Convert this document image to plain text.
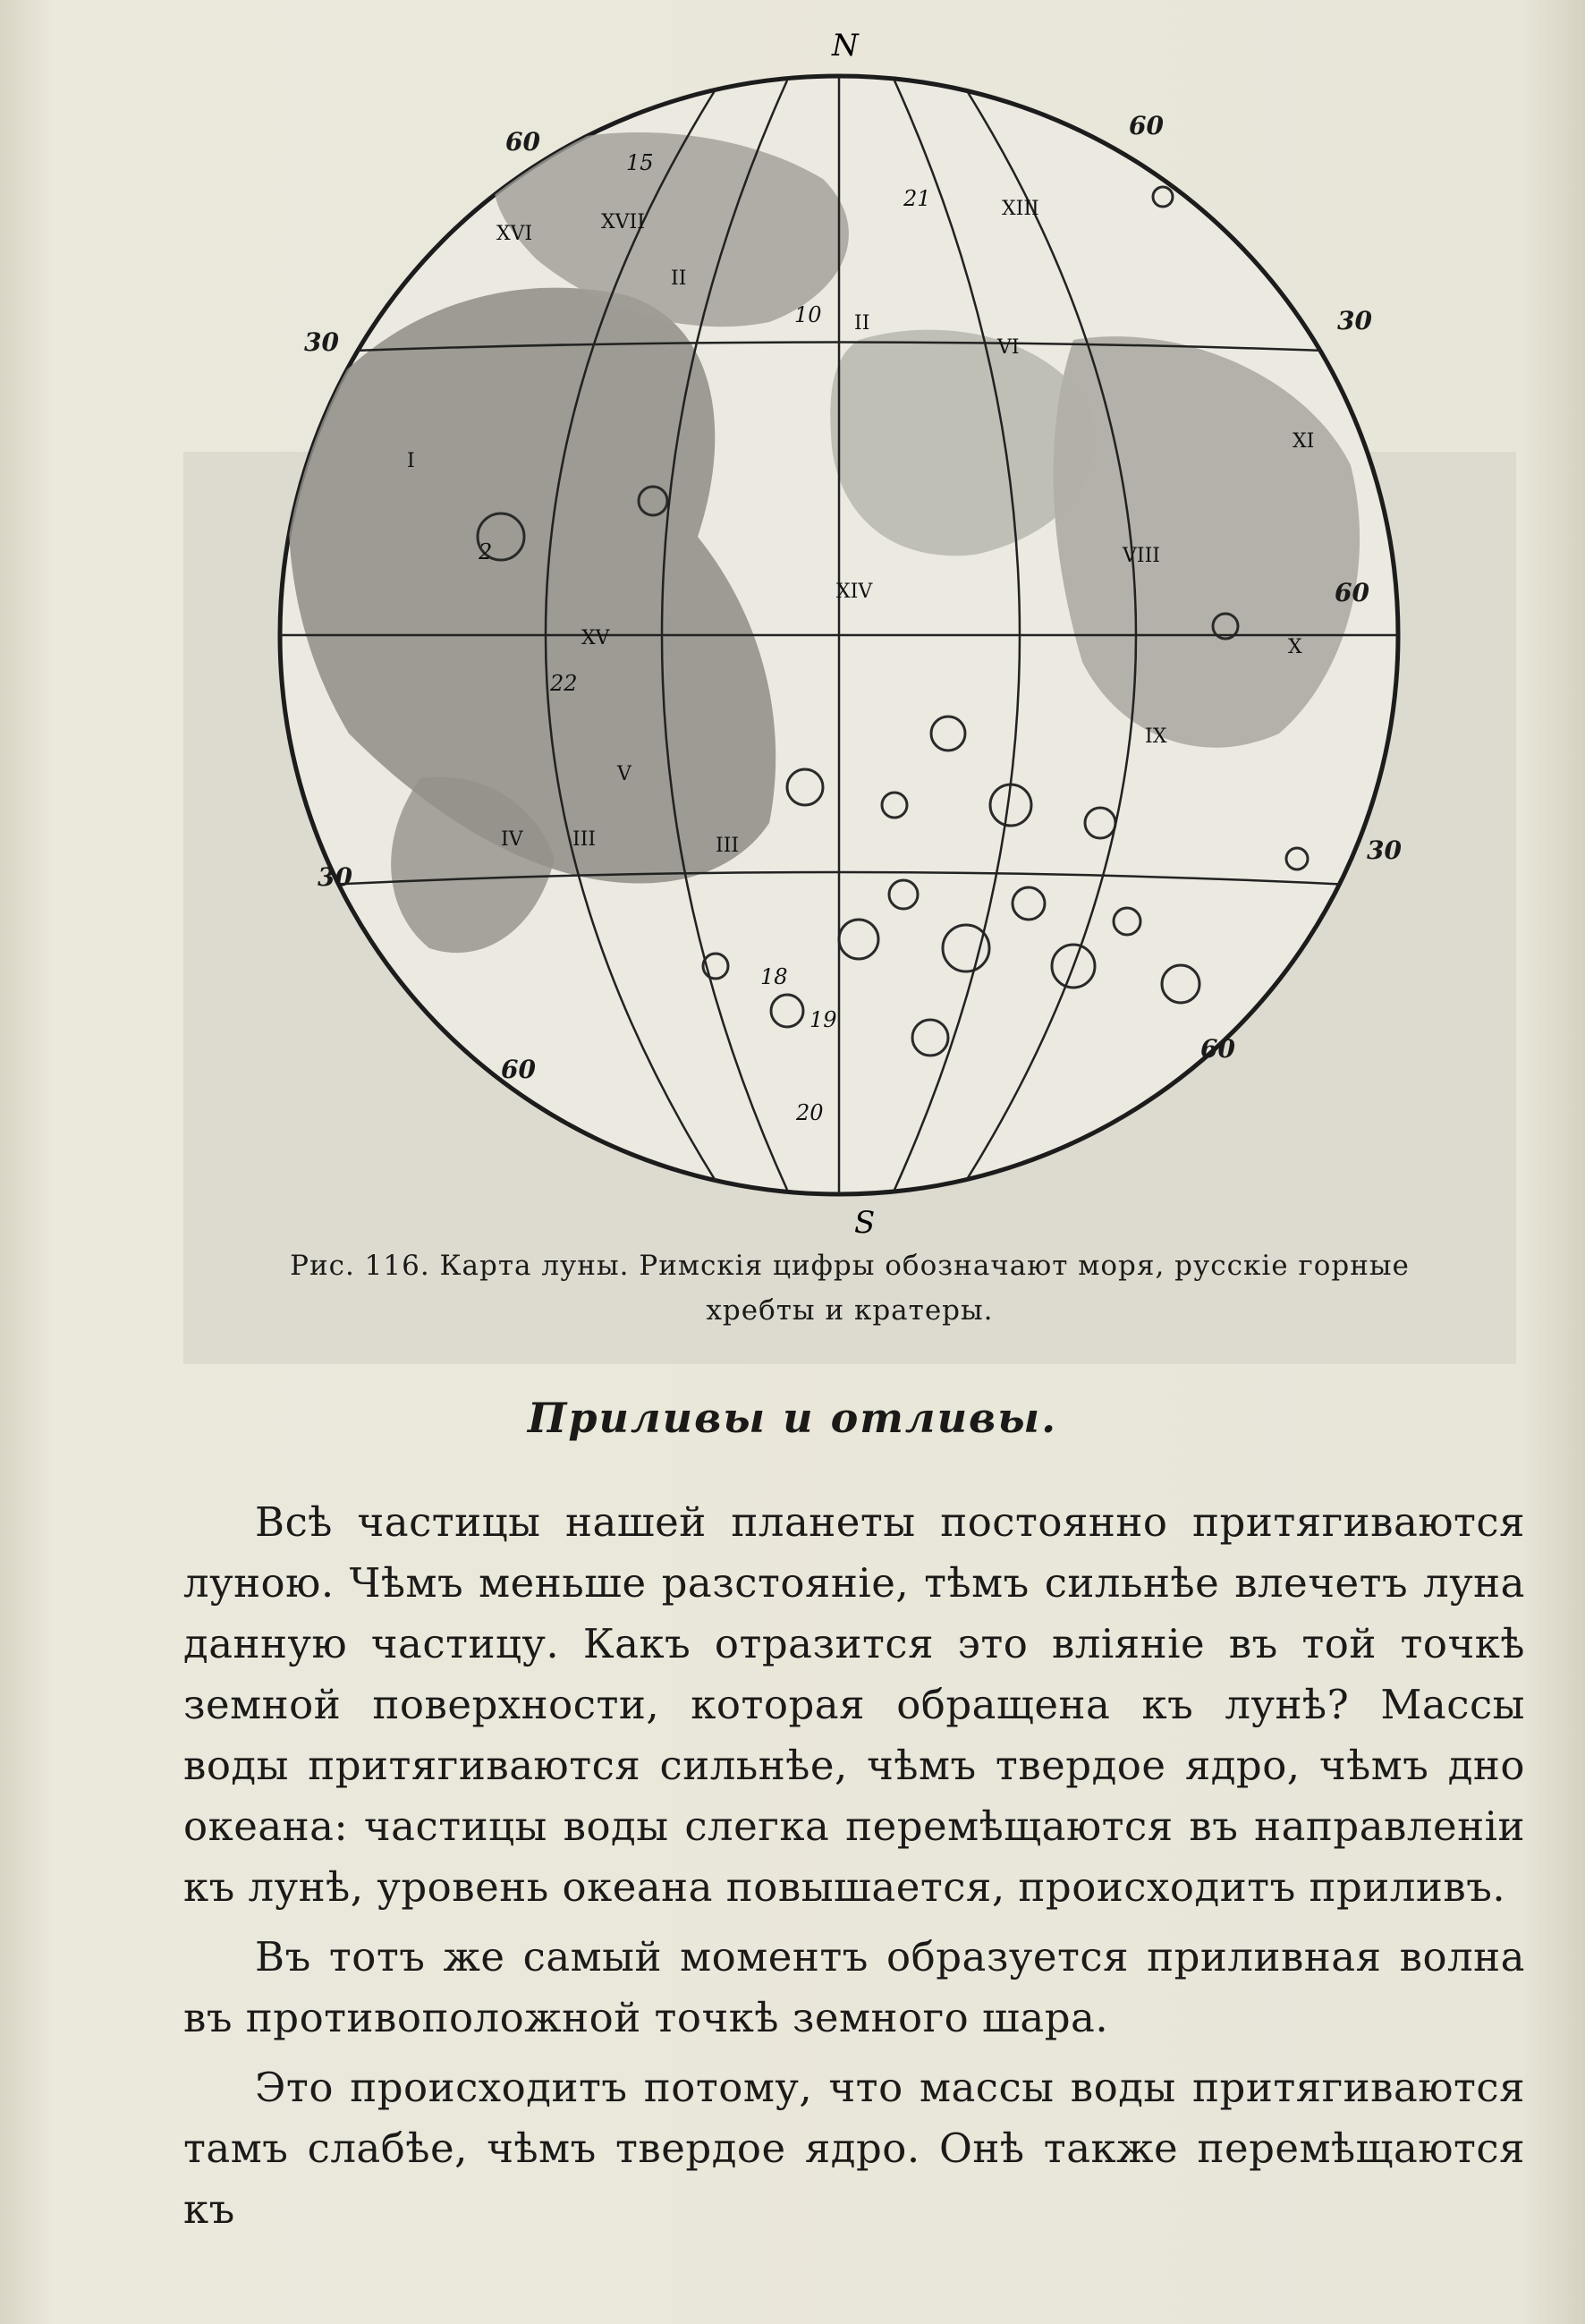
N
S
60
60
30
30
60
30
30
60
60
XVI
XVII
II
XIII
II
VI
I
XI
XIV
VIII
XV	X
III
IX
IV	III
V
15
21
10
2
22
18
19
20
Рис. 116. Карта луны. Римскія цифры обозначают моря, русскіе горные
хребты и кратеры.
Приливы и отливы.

Всѣ частицы нашей планеты постоянно притягиваются луною. Чѣмъ меньше разстояніе, тѣмъ сильнѣе влечетъ луна данную частицу. Какъ отразится это вліяніе въ той точкѣ земной поверхности, которая обращена къ лунѣ? Массы воды притягиваются сильнѣе, чѣмъ твердое ядро, чѣмъ дно океана: частицы воды слегка перемѣщаются въ направленіи къ лунѣ, уровень океана повышается, происходитъ приливъ.

Въ тотъ же самый моментъ образуется приливная волна въ противоположной точкѣ земного шара.

Это происходитъ потому, что массы воды притягиваются тамъ слабѣе, чѣмъ твердое ядро. Онѣ также перемѣщаются къ
